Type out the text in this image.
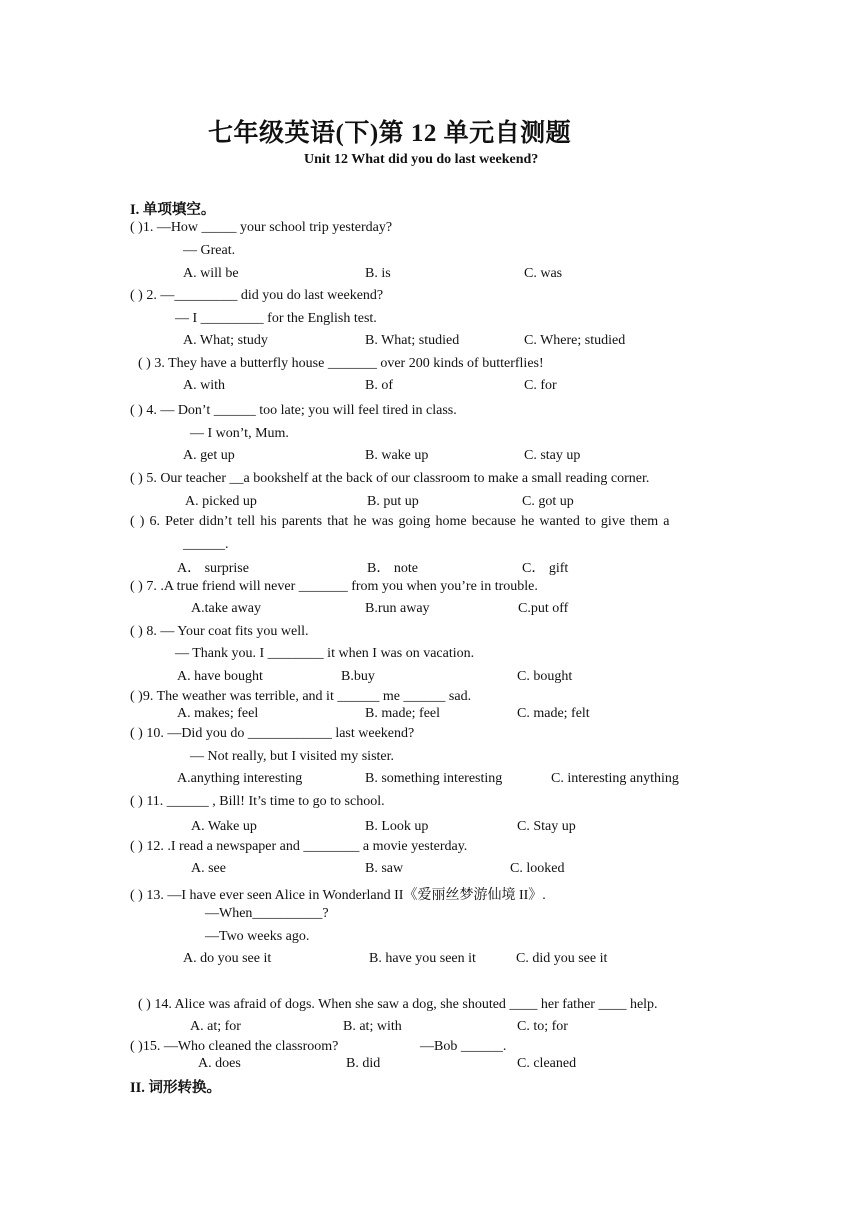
七年级英语(下)第 12 单元自测题
Unit 12 What did you do last weekend?
I. 单项填空。
( )1. —How _____ your school trip yesterday?
— Great.
A. will be	B. is	C. was
( ) 2. —_________ did you do last weekend?
— I _________ for the English test.
A. What; study	B. What; studied	C. Where; studied
( ) 3. They have a butterfly house _______ over 200 kinds of butterflies!
A. with	B. of	C. for
( ) 4. — Don’t ______ too late; you will feel tired in class.
— I won’t, Mum.
A. get up	B. wake up	C. stay up
( ) 5. Our teacher __a bookshelf at the back of our classroom to make a small reading corner.
A. picked up	B. put up	C. got up
( ) 6. Peter didn’t tell his parents that he was going home because he wanted to give them a
______.
A． surprise	B． note	C． gift
( ) 7. .A true friend will never _______ from you when you’re in trouble.
A.take away	B.run away	C.put off
( ) 8. — Your coat fits you well.
— Thank you. I ________ it when I was on vacation.
A. have bought	B.buy	C. bought
( )9. The weather was terrible, and it ______ me ______ sad.
A. makes; feel	B. made; feel	C. made; felt
( ) 10. —Did you do ____________ last weekend?
— Not really, but I visited my sister.
A.anything interesting	B. something interesting	C. interesting anything
( ) 11. ______ , Bill! It’s time to go to school.
A. Wake up	B. Look up	C. Stay up
( ) 12. .I read a newspaper and ________ a movie yesterday.
A. see	B. saw	C. looked
( ) 13. —I have ever seen Alice in Wonderland II《爱丽丝梦游仙境 II》.
—When__________?
—Two weeks ago.
A. do you see it	B. have you seen it	C. did you see it
( ) 14. Alice was afraid of dogs. When she saw a dog, she shouted ____ her father ____ help.
A. at; for	B. at; with	C. to; for
( )15. —Who cleaned the classroom?	—Bob ______.
A. does	B. did	C. cleaned
II. 词形转换。
